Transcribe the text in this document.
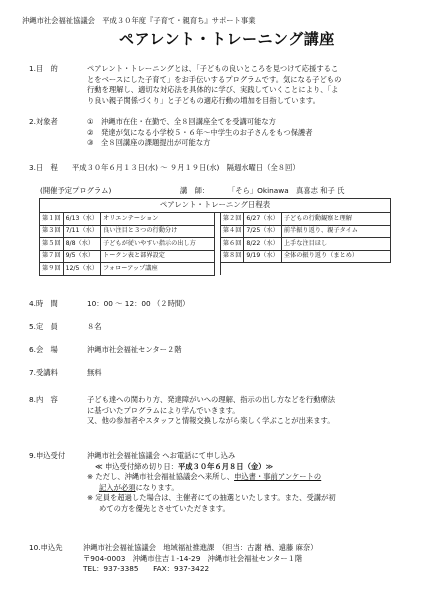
沖縄市社会福祉協議会　平成３０年度『子育て・親育ち』サポート事業
ペアレント・トレーニング講座
1.目　的	ペアレント・トレーニングとは、「子どもの良いところを見つけて応援するこ
とをベースにした子育て」をお手伝いするプログラムです。気になる子どもの
行動を理解し、適切な対応法を具体的に学び、実践していくことにより、「よ
り良い親子関係づくり」と子どもの適応行動の増加を目指しています。
2.対象者	① 沖縄市在住・在勤で、全８回講座全てを受講可能な方
② 発達が気になる小学校５・６年〜中学生のお子さんをもつ保護者
③ 全８回講座の課題提出が可能な方
3.日　程 平成３０年６月１３日(水) 〜 ９月１９日(水)　隔週水曜日（全８回）
(開催予定プログラム)	講　師：	「そら」Okinawa　真喜志 和子 氏
ペアレント・トレーニング日程表						
第１回	6/13（水）	オリエンテーション		第２回	6/27（水）	子どもの行動観察と理解
第３回	7/11（水）	良い注目と３つの行動分け		第４回	7/25（水）	前半振り返り、親子タイム
第５回	8/8（水）	子どもが従いやすい指示の出し方		第６回	8/22（水）	上手な注目ほし
第７回	9/5（水）	トークン表と部界設定		第８回	9/19（水）	全体の振り返り（まとめ）
第９回	12/5（水）	フォローアップ講座				
4.時　間	10：00 〜 12：00 （２時間）
5.定　員	８名
6.会　場	沖縄市社会福祉センター２階
7.受講料	無料
8.内　容	子ども達への関わり方、発達障がいへの理解、指示の出し方などを行動療法
に基づいたプログラムにより学んでいきます。
又、他の参加者やスタッフと情報交換しながら楽しく学ぶことが出来ます。
9.申込受付	沖縄市社会福祉協議会 へお電話にて申し込み
≪ 申込受付締め切り日：平成３０年６月８日（金）≫
※ ただし、沖縄市社会福祉協議会へ来所し、申込書・事前アンケートの
記入が必須になります。
※ 定員を超過した場合は、主催者にての抽選といたします。また、受講が初
めての方を優先とさせていただきます。
10.申込先	沖縄市社会福祉協議会　地域福祉推進課　（担当：古謝 楢、遠藤 麻奈）
〒904-0003　沖縄市住吉１-14-29　沖縄市社会福祉センター１階
TEL：937-3385　　FAX：937-3422
